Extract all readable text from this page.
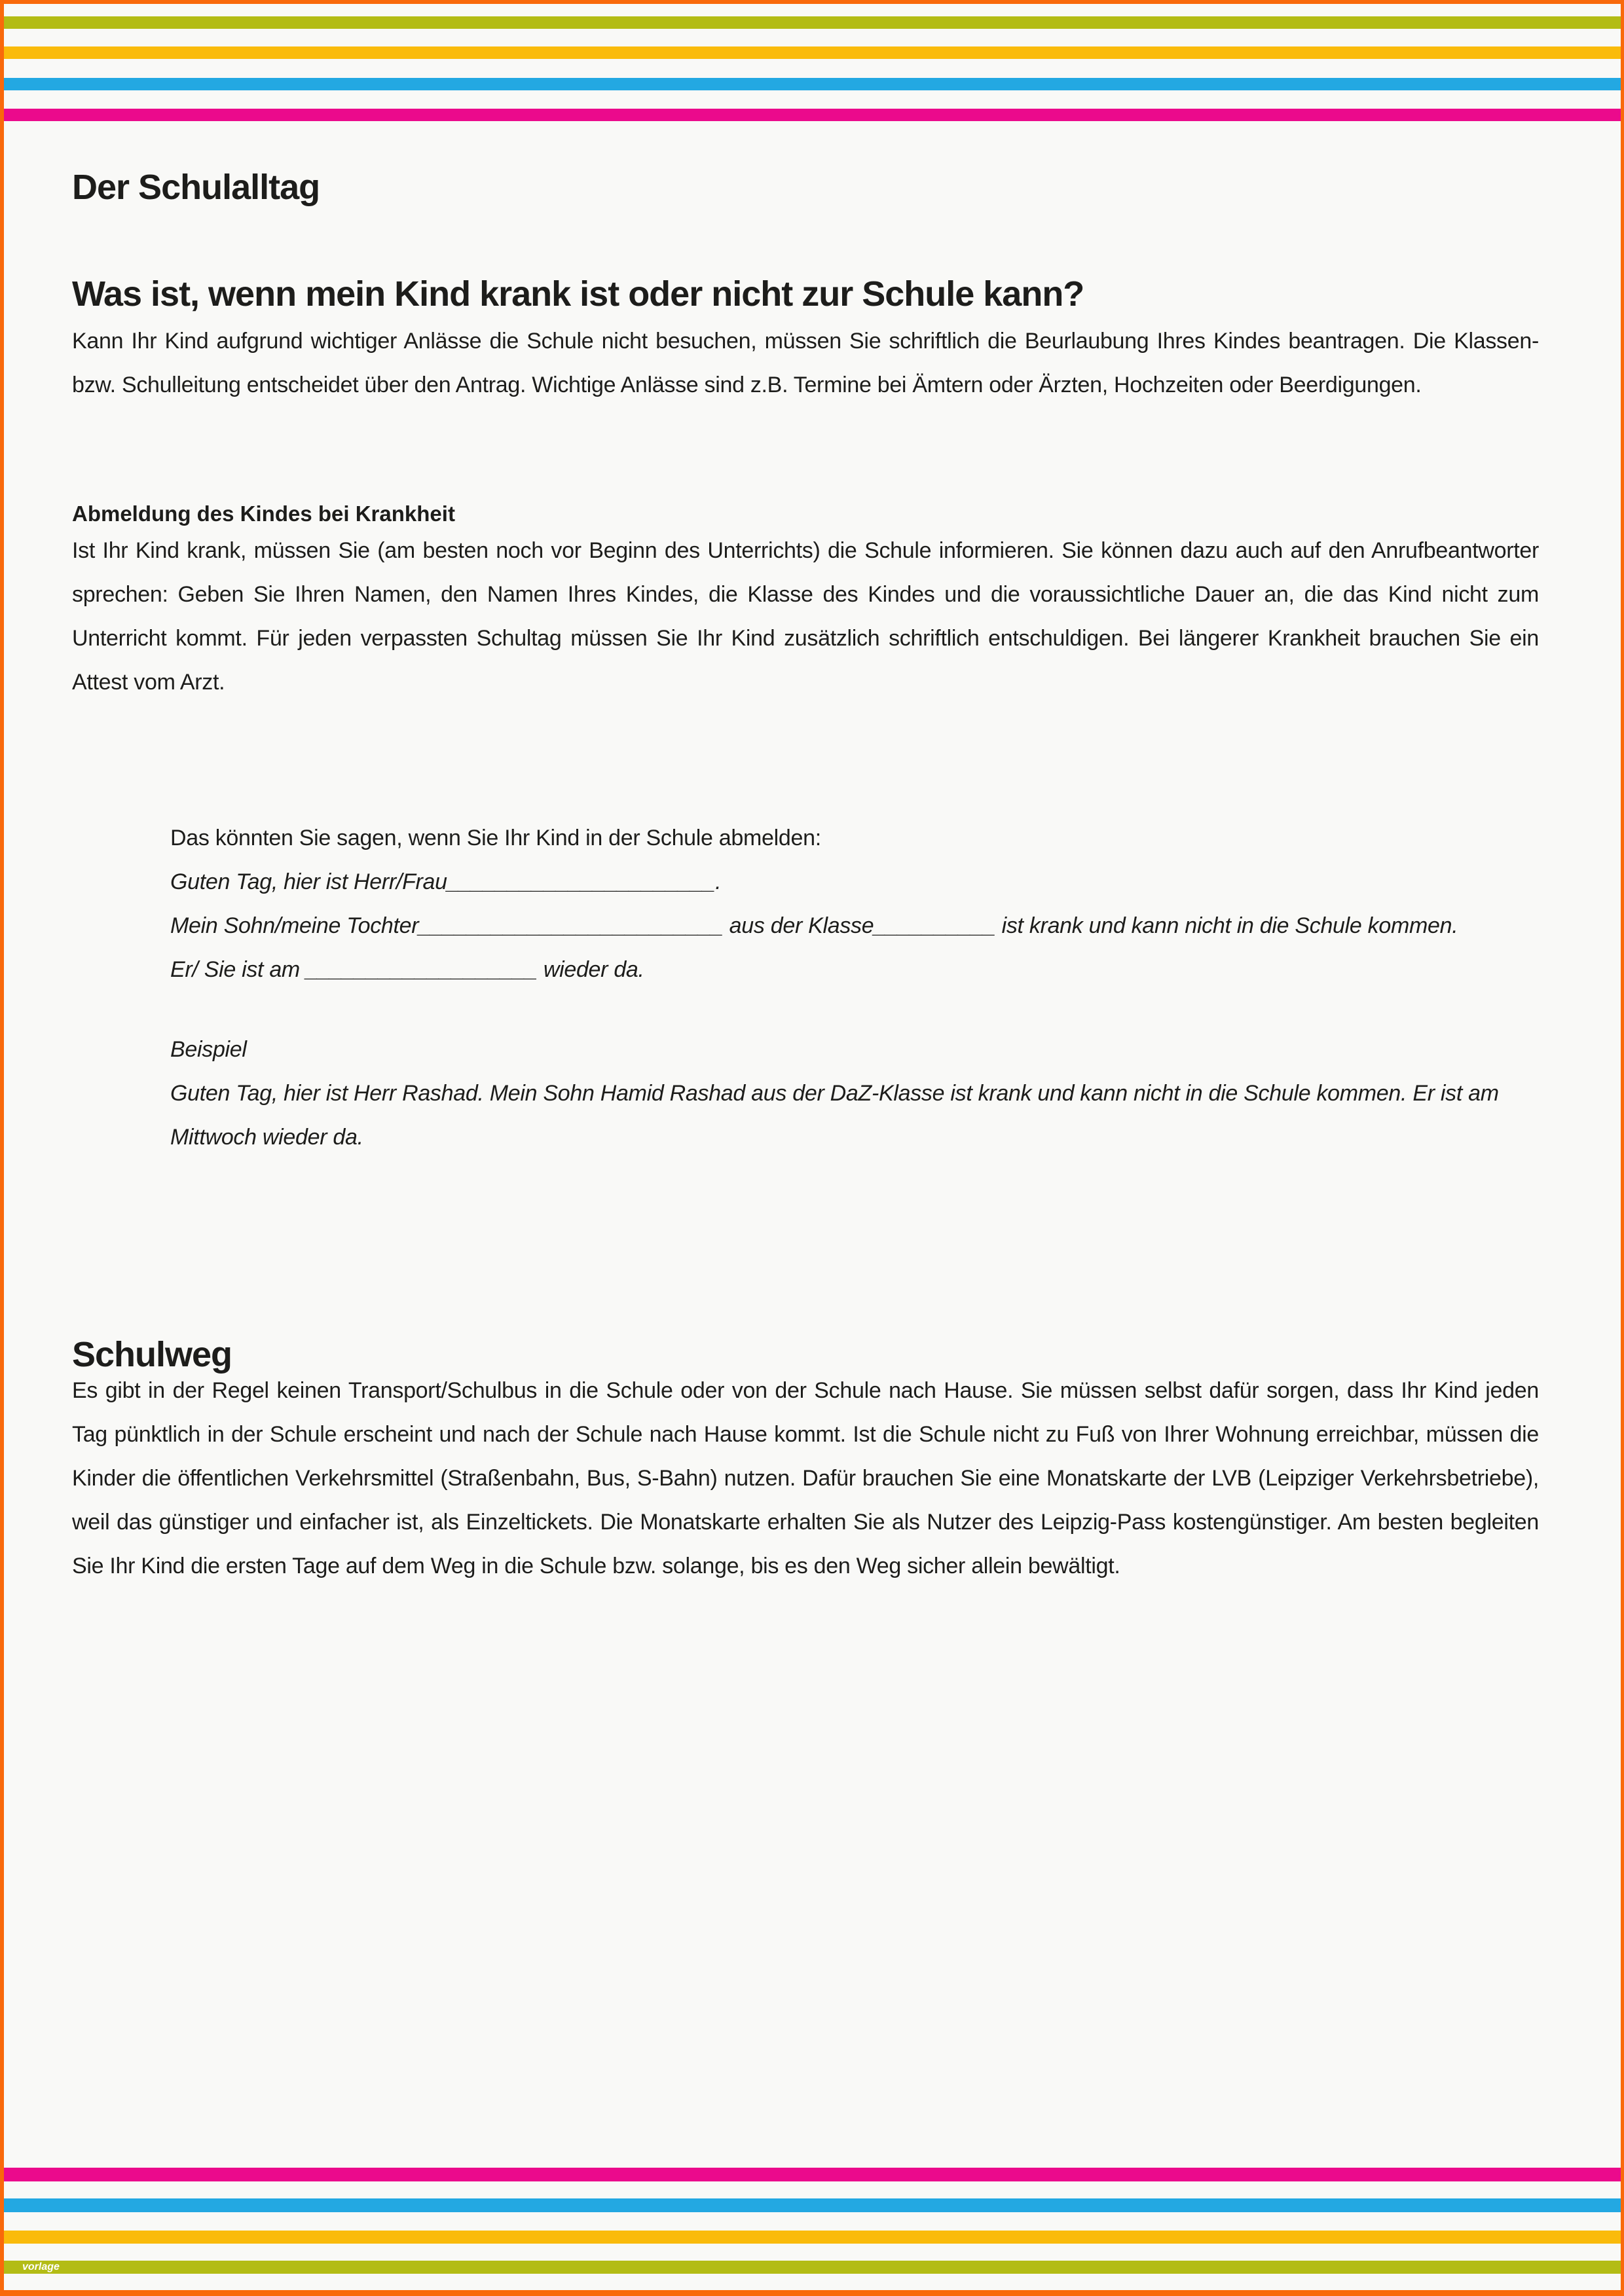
Der Schulalltag
Was ist, wenn mein Kind krank ist oder nicht zur Schule kann?

Kann Ihr Kind aufgrund wichtiger Anlässe die Schule nicht besuchen, müssen Sie schriftlich die Beurlaubung Ihres Kindes beantragen. Die Klassen- bzw. Schulleitung entscheidet über den Antrag. Wichtige Anlässe sind z.B. Termine bei Ämtern oder Ärzten, Hochzeiten oder Beerdigungen.

Abmeldung des Kindes bei Krankheit

Ist Ihr Kind krank, müssen Sie (am besten noch vor Beginn des Unterrichts) die Schule informieren. Sie können dazu auch auf den Anrufbeantworter sprechen: Geben Sie Ihren Namen, den Namen Ihres Kindes, die Klasse des Kindes und die voraussichtliche Dauer an, die das Kind nicht zum Unterricht kommt. Für jeden verpassten Schultag müssen Sie Ihr Kind zusätzlich schriftlich entschuldigen. Bei längerer Krankheit brauchen Sie ein Attest vom Arzt.

Das könnten Sie sagen, wenn Sie Ihr Kind in der Schule abmelden:

Guten Tag, hier ist Herr/Frau______________________.

Mein Sohn/meine Tochter_________________________ aus der Klasse__________ ist krank und kann nicht in die Schule kommen.

Er/ Sie ist am ___________________ wieder da.

Beispiel

Guten Tag, hier ist Herr Rashad. Mein Sohn Hamid Rashad aus der DaZ-Klasse ist krank und kann nicht in die Schule kommen. Er ist am Mittwoch wieder da.

Schulweg

Es gibt in der Regel keinen Transport/Schulbus in die Schule oder von der Schule nach Hause. Sie müssen selbst dafür sorgen, dass Ihr Kind jeden Tag pünktlich in der Schule erscheint und nach der Schule nach Hause kommt. Ist die Schule nicht zu Fuß von Ihrer Wohnung erreichbar, müssen die Kinder die öffentlichen Verkehrsmittel (Straßenbahn, Bus, S-Bahn) nutzen. Dafür brauchen Sie eine Monatskarte der LVB (Leipziger Verkehrsbetriebe), weil das günstiger und einfacher ist, als Einzeltickets. Die Monatskarte erhalten Sie als Nutzer des Leipzig-Pass kostengünstiger. Am besten begleiten Sie Ihr Kind die ersten Tage auf dem Weg in die Schule bzw. solange, bis es den Weg sicher allein bewältigt.

vorlage
